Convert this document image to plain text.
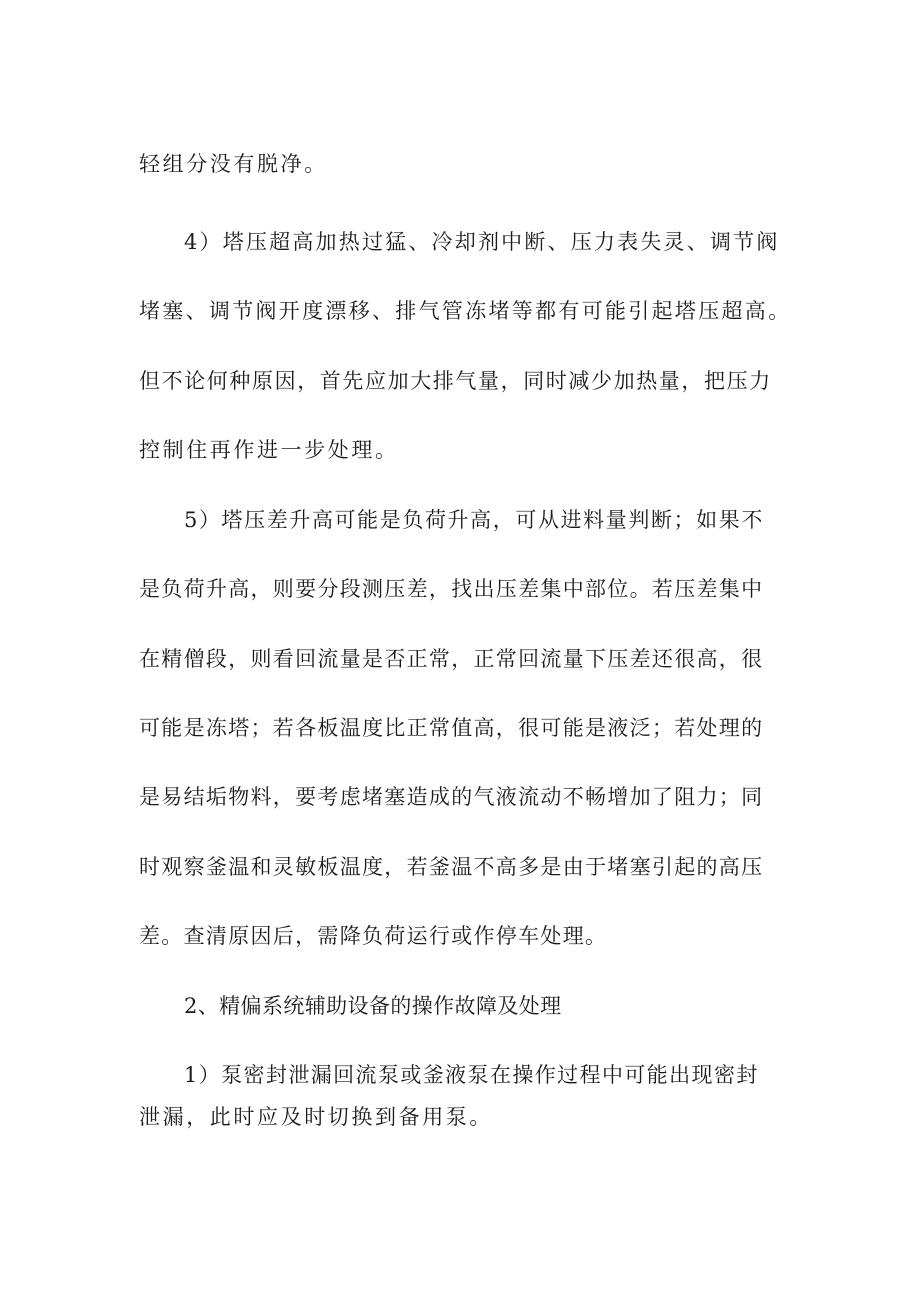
轻组分没有脱净。
4）塔压超高加热过猛、冷却剂中断、压力表失灵、调节阀
堵塞、调节阀开度漂移、排气管冻堵等都有可能引起塔压超高。
但不论何种原因，首先应加大排气量，同时减少加热量，把压力
控制住再作进一步处理。
5）塔压差升高可能是负荷升高，可从进料量判断；如果不
是负荷升高，则要分段测压差，找出压差集中部位。若压差集中
在精僧段，则看回流量是否正常，正常回流量下压差还很高，很
可能是冻塔；若各板温度比正常值高，很可能是液泛；若处理的
是易结垢物料，要考虑堵塞造成的气液流动不畅增加了阻力；同
时观察釜温和灵敏板温度，若釜温不高多是由于堵塞引起的高压
差。查清原因后，需降负荷运行或作停车处理。
2、精偏系统辅助设备的操作故障及处理
1）泵密封泄漏回流泵或釜液泵在操作过程中可能出现密封
泄漏，此时应及时切换到备用泵。
